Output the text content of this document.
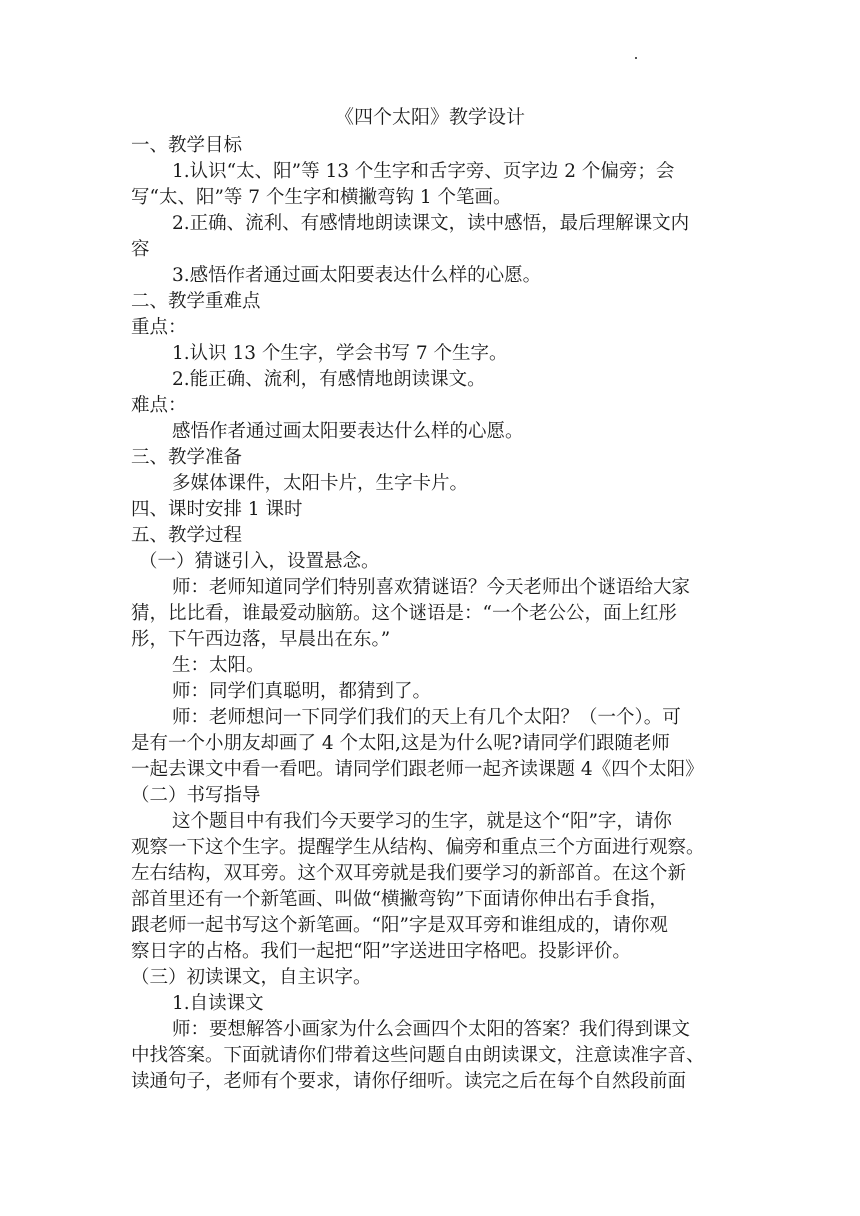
《四个太阳》教学设计
一、教学目标
1.认识“太、阳”等 13 个生字和舌字旁、页字边 2 个偏旁；会
写“太、阳”等 7 个生字和横撇弯钩 1 个笔画。
2.正确、流利、有感情地朗读课文，读中感悟，最后理解课文内
容
3.感悟作者通过画太阳要表达什么样的心愿。
二、教学重难点
重点：
1.认识 13 个生字，学会书写 7 个生字。
2.能正确、流利，有感情地朗读课文。
难点：
感悟作者通过画太阳要表达什么样的心愿。
三、教学准备
多媒体课件，太阳卡片，生字卡片。
四、课时安排 1 课时
五、教学过程
（一）猜谜引入，设置悬念。
师：老师知道同学们特别喜欢猜谜语？今天老师出个谜语给大家
猜，比比看，谁最爱动脑筋。这个谜语是：“一个老公公，面上红彤
彤，下午西边落，早晨出在东。”
生：太阳。
师：同学们真聪明，都猜到了。
师：老师想问一下同学们我们的天上有几个太阳？（一个）。可
是有一个小朋友却画了 4 个太阳,这是为什么呢?请同学们跟随老师
一起去课文中看一看吧。请同学们跟老师一起齐读课题 4《四个太阳》
（二）书写指导
这个题目中有我们今天要学习的生字，就是这个“阳”字，请你
观察一下这个生字。提醒学生从结构、偏旁和重点三个方面进行观察。
左右结构，双耳旁。这个双耳旁就是我们要学习的新部首。在这个新
部首里还有一个新笔画、叫做“横撇弯钩”下面请你伸出右手食指，
跟老师一起书写这个新笔画。“阳”字是双耳旁和谁组成的，请你观
察日字的占格。我们一起把“阳”字送进田字格吧。投影评价。
（三）初读课文，自主识字。
1.自读课文
师：要想解答小画家为什么会画四个太阳的答案？我们得到课文
中找答案。下面就请你们带着这些问题自由朗读课文，注意读准字音、
读通句子，老师有个要求，请你仔细听。读完之后在每个自然段前面
